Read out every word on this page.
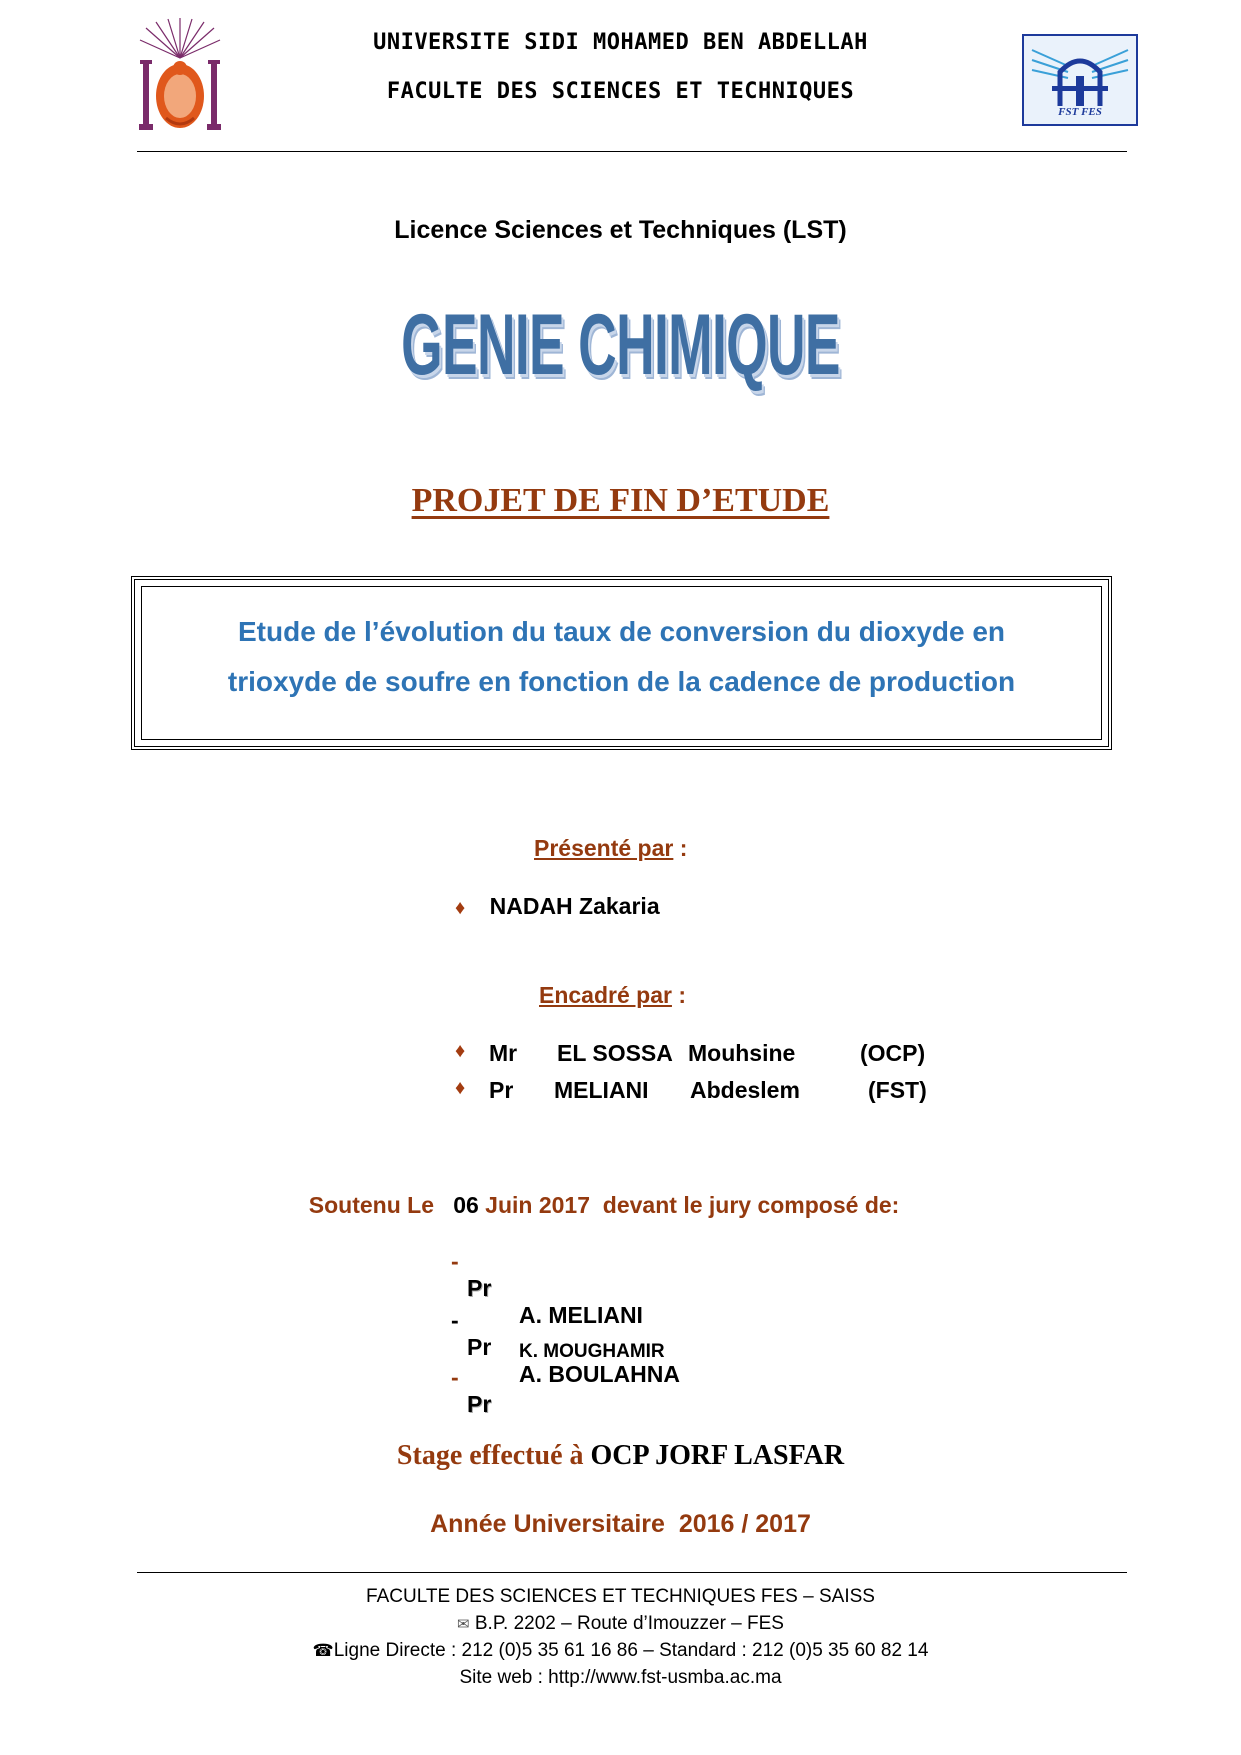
UNIVERSITE SIDI MOHAMED BEN ABDELLAH
FACULTE DES SCIENCES ET TECHNIQUES
FST FES
Licence Sciences et Techniques (LST)
GENIE CHIMIQUE
PROJET DE FIN D’ETUDE
Etude de l’évolution du taux de conversion du dioxyde en
trioxyde de soufre en fonction de la cadence de production
Présenté par :
♦ NADAH Zakaria
Encadré par :
♦ Mr EL SOSSA Mouhsine	(OCP)
♦ Pr MELIANI Abdeslem	(FST)

Soutenu Le 06 Juin 2017 devant le jury composé de:

-

Pr

A. MELIANI

-

Pr

A. BOULAHNA

-

Pr

K. MOUGHAMIR

Stage effectué à OCP JORF LASFAR
Année Universitaire  2016 / 2017
FACULTE DES SCIENCES ET TECHNIQUES FES – SAISS
✉ B.P. 2202 – Route d’Imouzzer – FES
☎Ligne Directe : 212 (0)5 35 61 16 86 – Standard : 212 (0)5 35 60 82 14
Site web : http://www.fst-usmba.ac.ma
